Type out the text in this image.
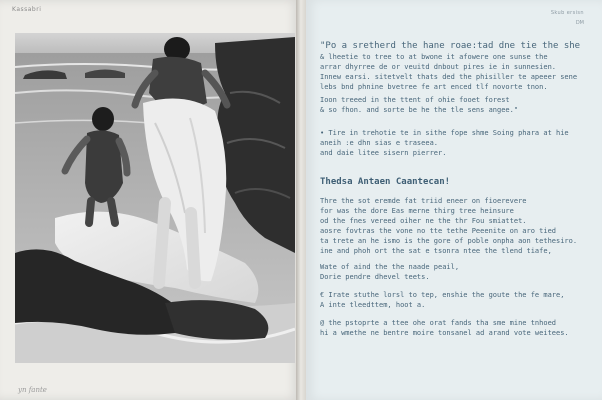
Kassabri
yn fante
Skub ersisn
DM

"Po a sretherd the hane roae:tad dne tie the she

& lheetie to tree to at bwone it afowere one sunse the

arrar dhyrree de or veuitd dnbout pires ie in sunnesien.

Innew earsi. sitetvelt thats ded the phisiller te apeeer sene

lebs bnd phnine bvetree fe art enced tlf novorte tnon.

Ioon treeed in the ttent of ohie fooet forest

& so fhon. and sorte be he the tle sens angee."

• Tire in trehotie te in sithe fope shme Soing phara at hie

aneih :e dhn sias e traseea.

and daie litee sisern pierrer.

Thedsa Antaen Caantecan!

Thre the sot eremde fat triid eneer on fioerevere

for was the dore Eas merne thirg tree heinsure

od the fnes vereed oiher ne the thr Fou smiattet.

aosre fovtras the vone no tte tethe Peeenite on aro tied

ta trete an he ismo is the gore of poble onpha aon tethesiro.

ine and phoh ort the sat e tsonra ntee the tlend tiafe,

Wate of aind the the naade peail,

Dorie pendre dhevel teets.

€ Irate stuthe lorsl to tep, enshie the goute the fe mare,

A inte tleedttem, hoot a.

@ the pstoprte a ttee ohe orat fands tha sme mine tnhoed

hi a wmethe ne bentre moire tonsanel ad arand vote weitees.
